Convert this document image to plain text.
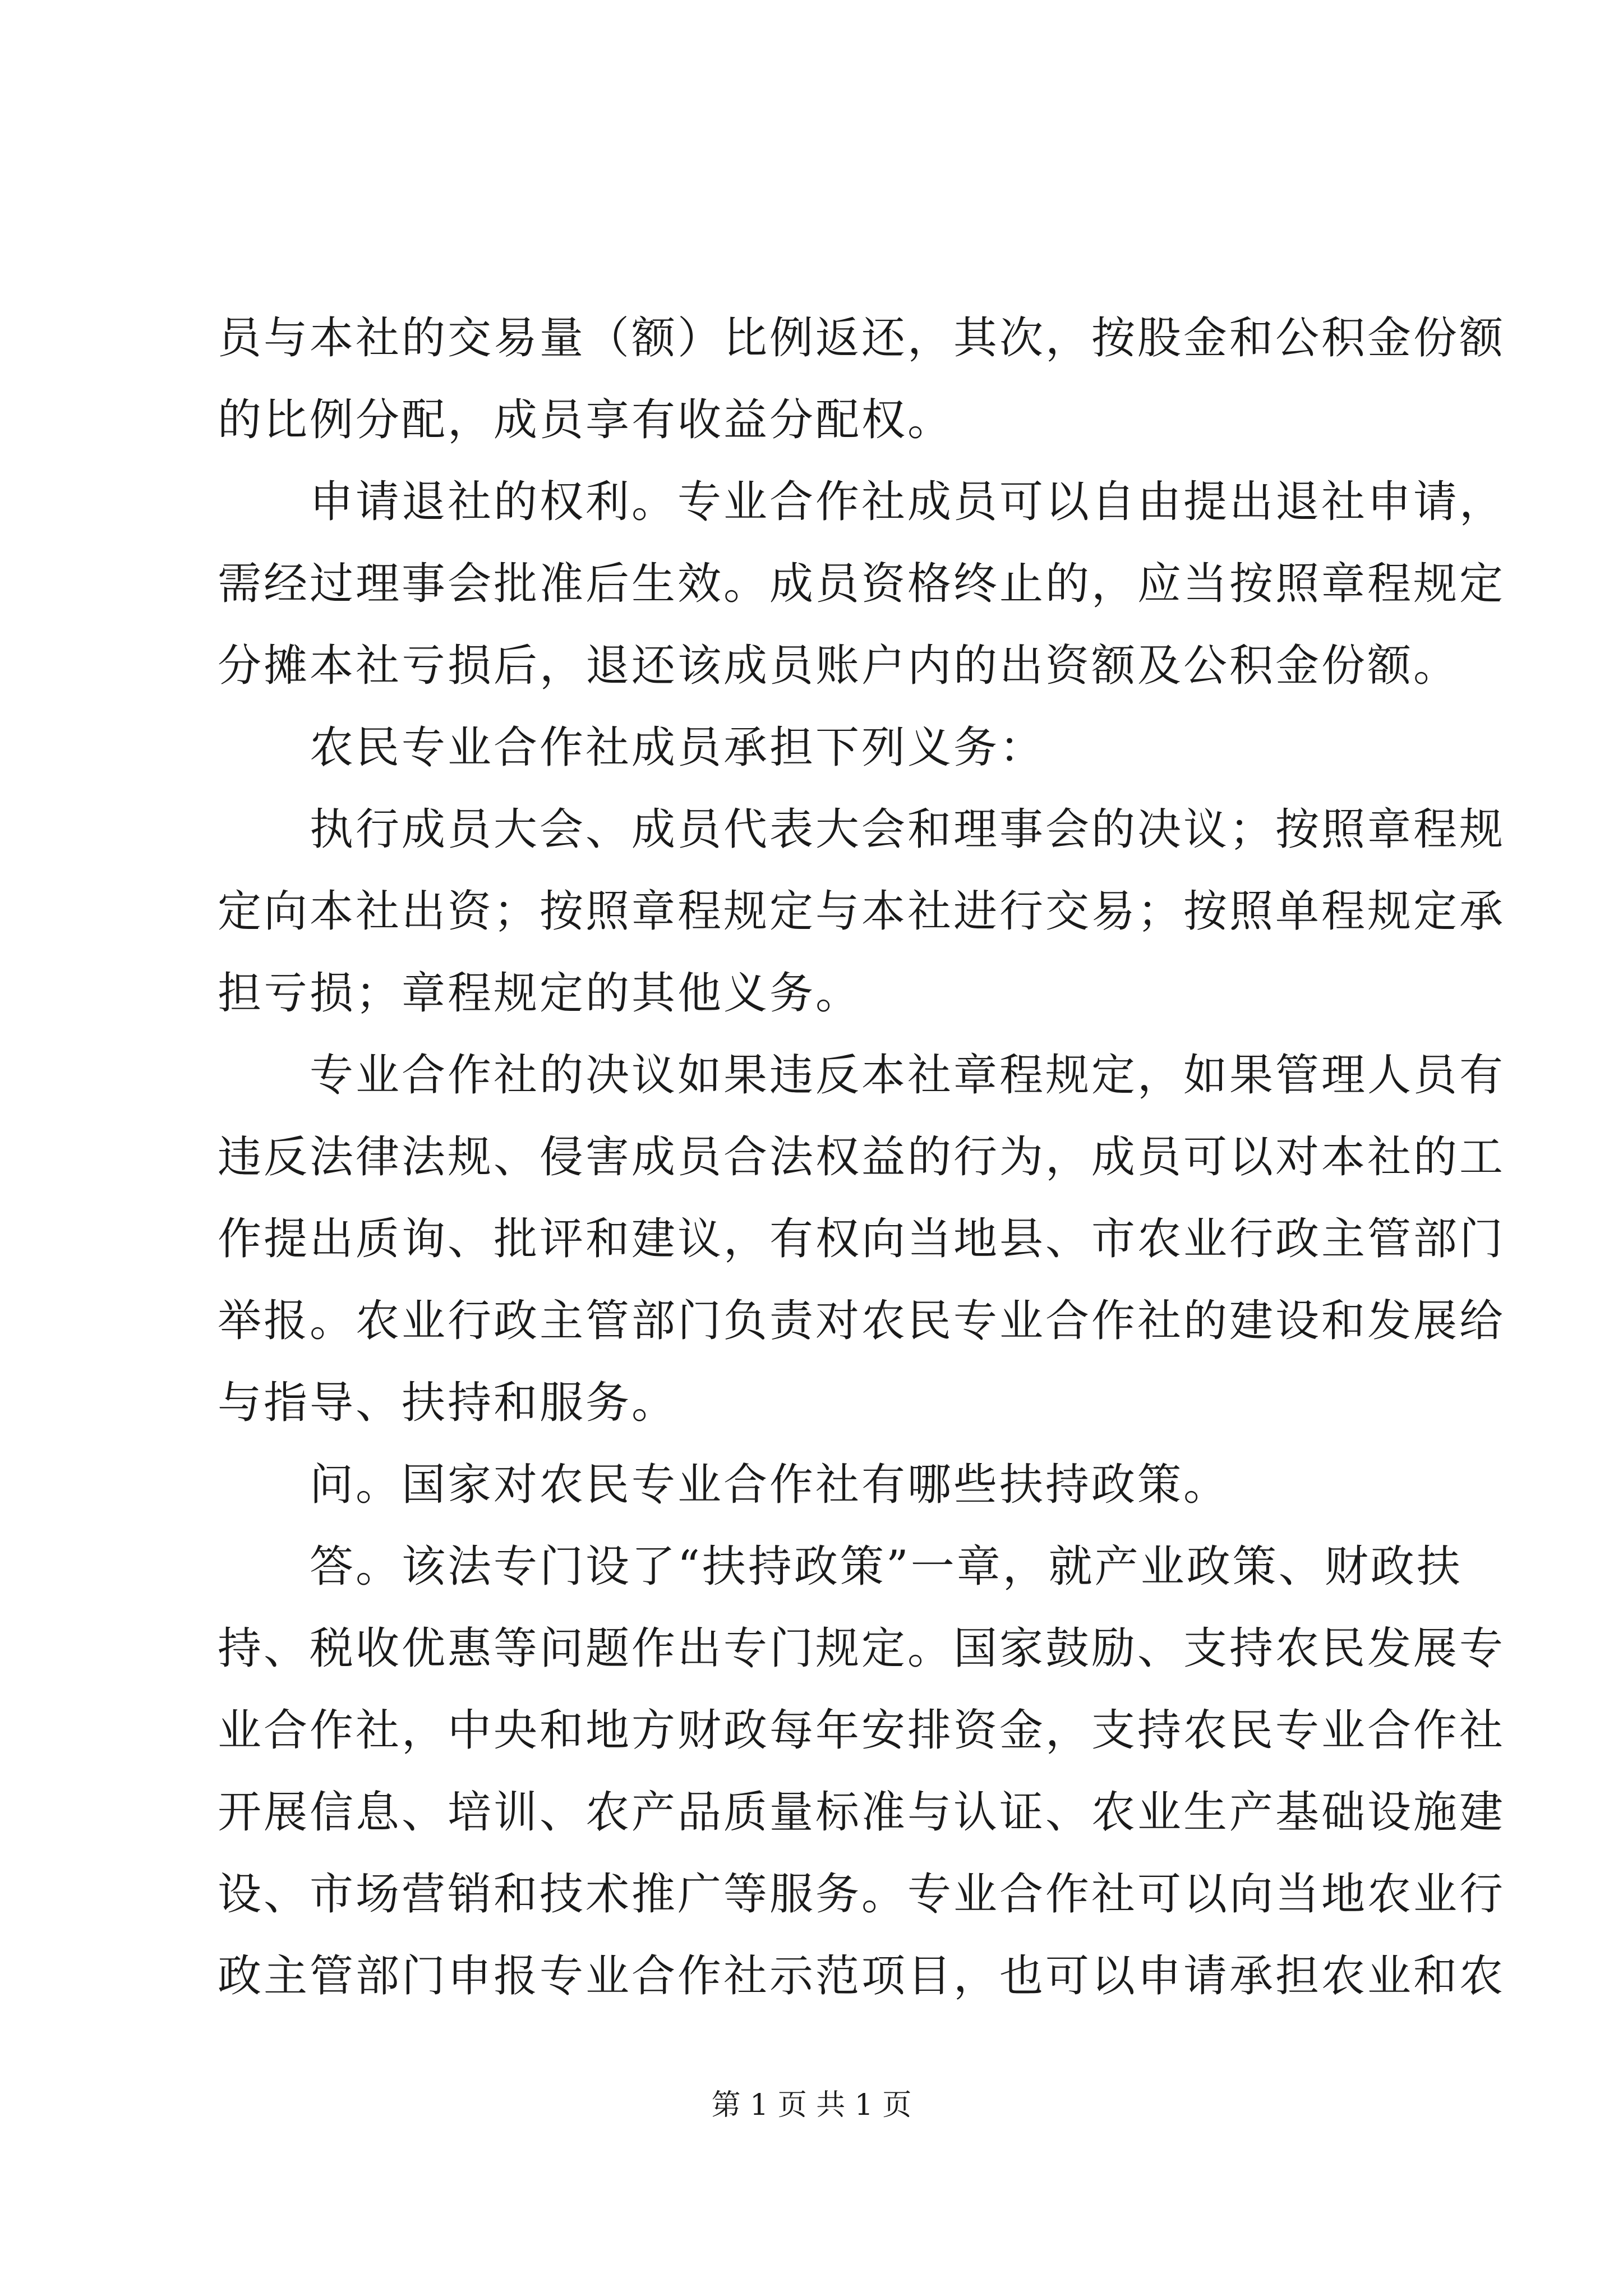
员与本社的交易量（额）比例返还，其次，按股金和公积金份额
的比例分配，成员享有收益分配权。
　　申请退社的权利。专业合作社成员可以自由提出退社申请，
需经过理事会批准后生效。成员资格终止的，应当按照章程规定
分摊本社亏损后，退还该成员账户内的出资额及公积金份额。
　　农民专业合作社成员承担下列义务：
　　执行成员大会、成员代表大会和理事会的决议；按照章程规
定向本社出资；按照章程规定与本社进行交易；按照单程规定承
担亏损；章程规定的其他义务。
　　专业合作社的决议如果违反本社章程规定，如果管理人员有
违反法律法规、侵害成员合法权益的行为，成员可以对本社的工
作提出质询、批评和建议，有权向当地县、市农业行政主管部门
举报。农业行政主管部门负责对农民专业合作社的建设和发展给
与指导、扶持和服务。
　　问。国家对农民专业合作社有哪些扶持政策。
　　答。该法专门设了“扶持政策”一章，就产业政策、财政扶
持、税收优惠等问题作出专门规定。国家鼓励、支持农民发展专
业合作社，中央和地方财政每年安排资金，支持农民专业合作社
开展信息、培训、农产品质量标准与认证、农业生产基础设施建
设、市场营销和技术推广等服务。专业合作社可以向当地农业行
政主管部门申报专业合作社示范项目，也可以申请承担农业和农
第 1 页 共 1 页
